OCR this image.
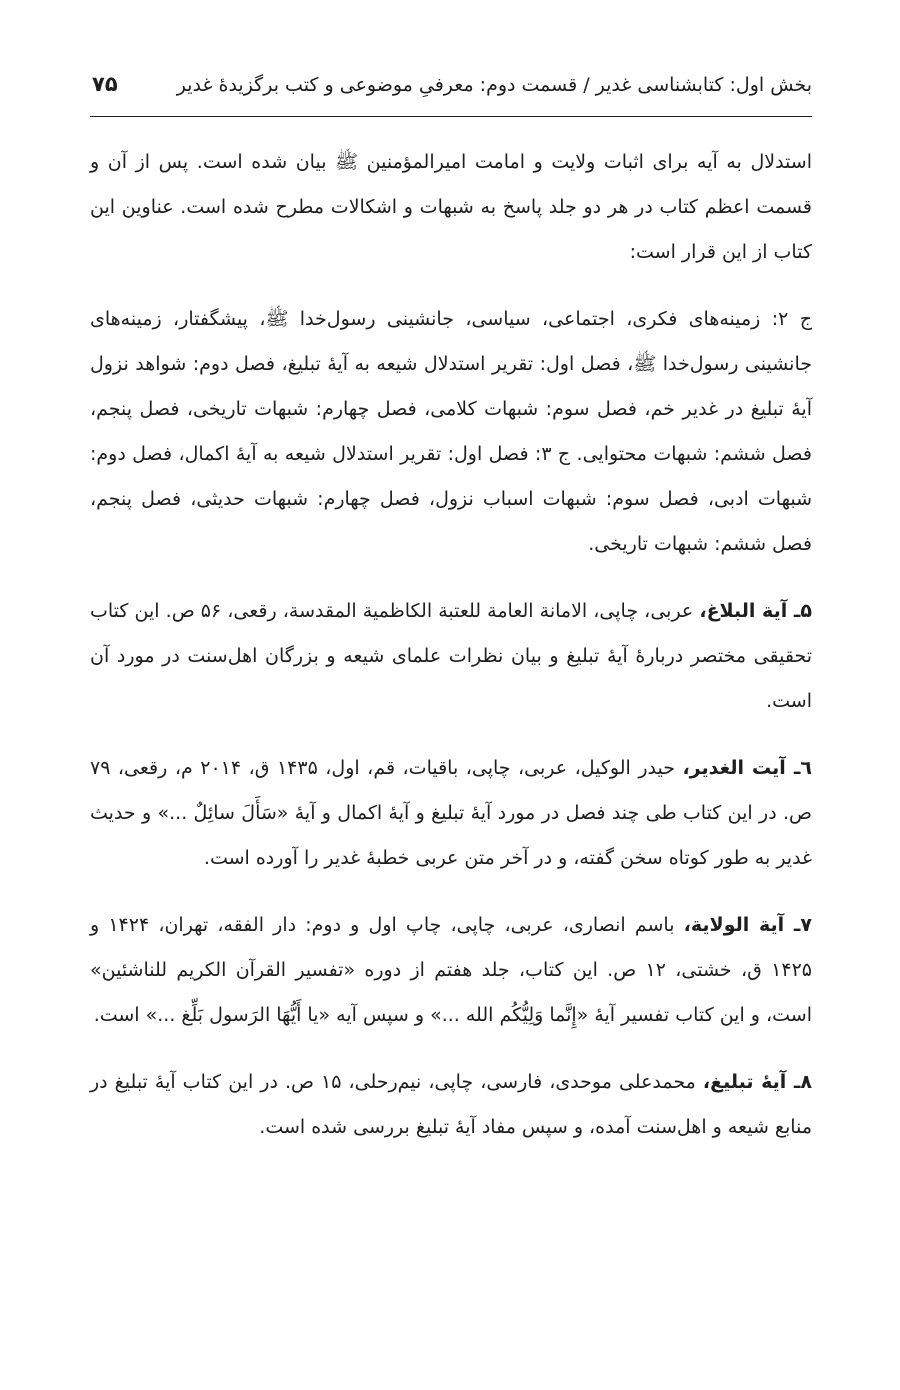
بخش اول: کتابشناسی غدیر / قسمت دوم: معرفیِ موضوعی و کتب برگزیدهٔ غدیر
۷۵

استدلال به آیه برای اثبات ولایت و امامت امیرالمؤمنین ﷺ بیان شده است. پس از آن و قسمت اعظم کتاب در هر دو جلد پاسخ به شبهات و اشکالات مطرح شده است. عناوین این کتاب از این قرار است:

ج ۲: زمینه‌های فکری، اجتماعی، سیاسی، جانشینی رسول‌خدا ﷺ، پیشگفتار، زمینه‌های جانشینی رسول‌خدا ﷺ، فصل اول: تقریر استدلال شیعه به آیهٔ تبلیغ، فصل دوم: شواهد نزول آیهٔ تبلیغ در غدیر خم، فصل سوم: شبهات کلامی، فصل چهارم: شبهات تاریخی، فصل پنجم، فصل ششم: شبهات محتوایی. ج ۳: فصل اول: تقریر استدلال شیعه به آیهٔ اکمال، فصل دوم: شبهات ادبی، فصل سوم: شبهات اسباب نزول، فصل چهارم: شبهات حدیثی، فصل پنجم، فصل ششم: شبهات تاریخی.

۵ـ آیة البلاغ، عربی، چاپی، الامانة العامة للعتبة الکاظمیة المقدسة، رقعی، ۵۶ ص. این کتاب تحقیقی مختصر دربارهٔ آیهٔ تبلیغ و بیان نظرات علمای شیعه و بزرگان اهل‌سنت در مورد آن است.

٦ـ آیت الغدیر، حیدر الوکیل، عربی، چاپی، باقیات، قم، اول، ۱۴۳۵ ق، ۲۰۱۴ م، رقعی، ۷۹ ص. در این کتاب طی چند فصل در مورد آیهٔ تبلیغ و آیهٔ اکمال و آیهٔ «سَأَلَ سائِلٌ ...» و حدیث غدیر به طور کوتاه سخن گفته، و در آخر متن عربی خطبهٔ غدیر را آورده است.

۷ـ آیة الولایة، باسم انصاری، عربی، چاپی، چاپ اول و دوم: دار الفقه، تهران، ۱۴۲۴ و ۱۴۲۵ ق، خشتی، ۱۲ ص. این کتاب، جلد هفتم از دوره «تفسیر القرآن الکریم للناشئین» است، و این کتاب تفسیر آیهٔ «إِنَّما وَلِیُّکُم الله ...» و سپس آیه «یا أَیُّهَا الرَسول بَلِّغ ...» است.

۸ـ آیهٔ تبلیغ، محمدعلی موحدی، فارسی، چاپی، نیم‌رحلی، ۱۵ ص. در این کتاب آیهٔ تبلیغ در منابع شیعه و اهل‌سنت آمده، و سپس مفاد آیهٔ تبلیغ بررسی شده است.
